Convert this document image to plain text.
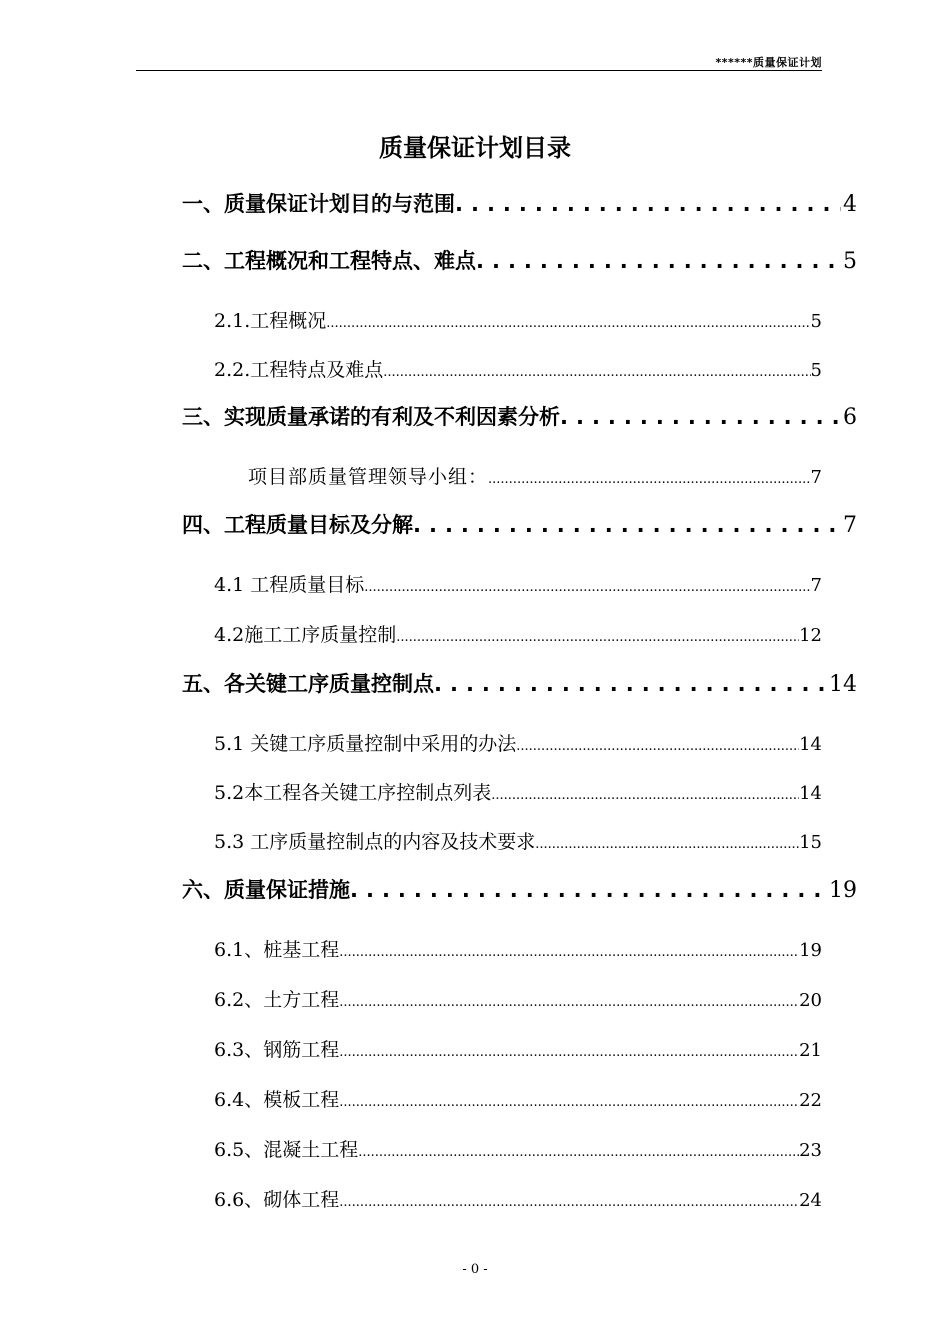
******质量保证计划
质量保证计划目录
一、质量保证计划目的与范围 .....	4
二、工程概况和工程特点、难点 .....	5
2.1.工程概况 .....	5
2.2.工程特点及难点 .....	5
三、实现质量承诺的有利及不利因素分析 .....	6
项目部质量管理领导小组： .....	7
四、工程质量目标及分解 .....	7
4.1 工程质量目标 .....	7
4.2施工工序质量控制 .....	12
五、各关键工序质量控制点 .....	14
5.1 关键工序质量控制中采用的办法 .....	14
5.2本工程各关键工序控制点列表 .....	14
5.3 工序质量控制点的内容及技术要求 .....	15
六、质量保证措施 .....	19
6.1、桩基工程 .....	19
6.2、土方工程 .....	20
6.3、钢筋工程 .....	21
6.4、模板工程 .....	22
6.5、混凝土工程 .....	23
6.6、砌体工程 .....	24
- 0 -
